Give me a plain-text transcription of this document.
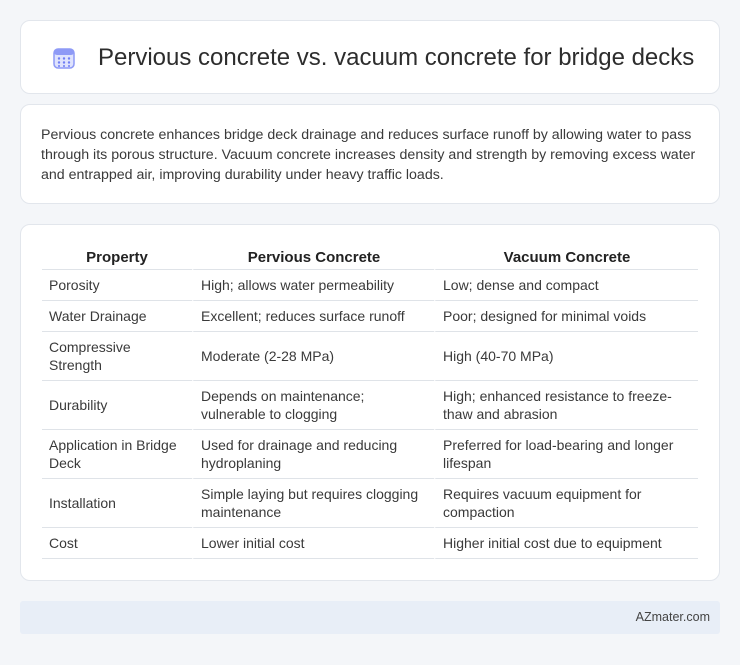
Pervious concrete vs. vacuum concrete for bridge decks

Pervious concrete enhances bridge deck drainage and reduces surface runoff by allowing water to pass through its porous structure. Vacuum concrete increases density and strength by removing excess water and entrapped air, improving durability under heavy traffic loads.

Property	Pervious Concrete	Vacuum Concrete
Porosity	High; allows water permeability	Low; dense and compact
Water Drainage	Excellent; reduces surface runoff	Poor; designed for minimal voids
Compressive Strength	Moderate (2-28 MPa)	High (40-70 MPa)
Durability	Depends on maintenance; vulnerable to clogging	High; enhanced resistance to freeze-thaw and abrasion
Application in Bridge Deck	Used for drainage and reducing hydroplaning	Preferred for load-bearing and longer lifespan
Installation	Simple laying but requires clogging maintenance	Requires vacuum equipment for compaction
Cost	Lower initial cost	Higher initial cost due to equipment
AZmater.com
